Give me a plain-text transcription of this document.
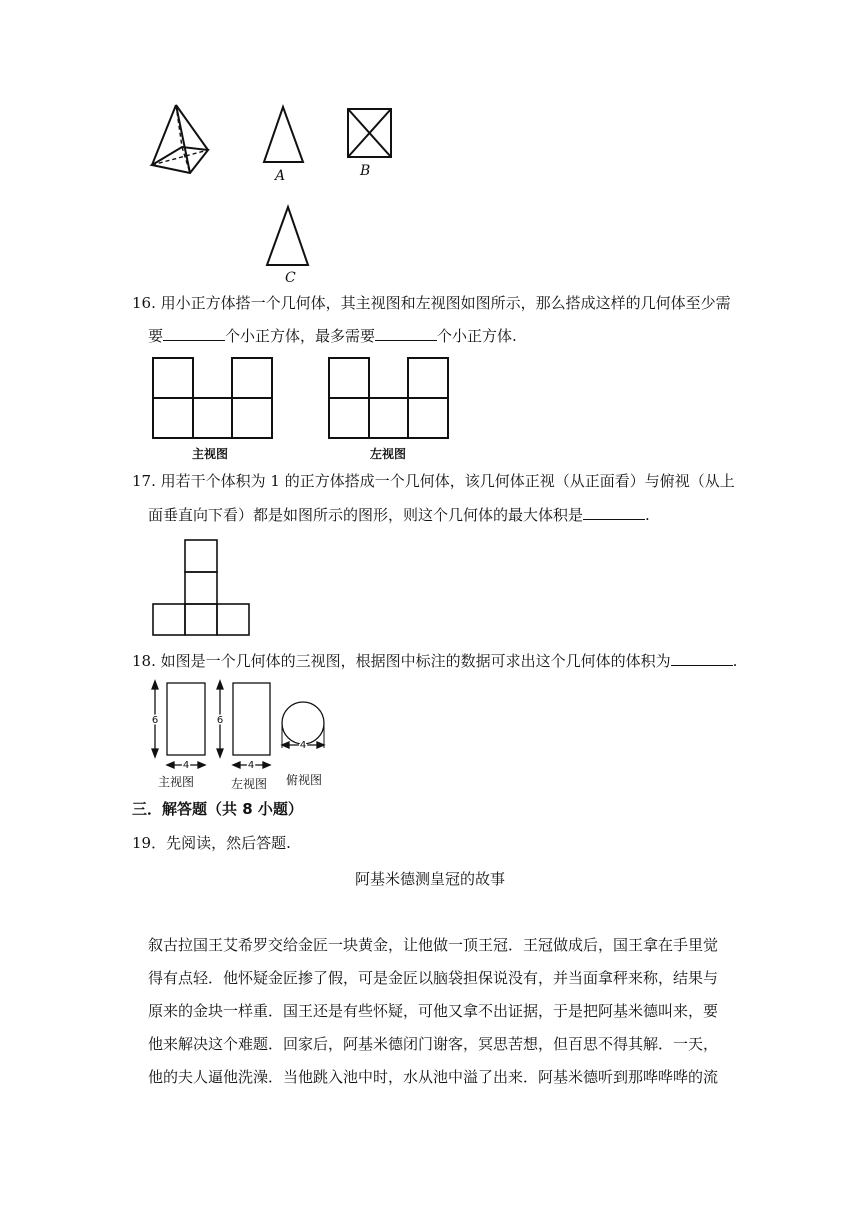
A	B
C
16. 用小正方体搭一个几何体，其主视图和左视图如图所示，那么搭成这样的几何体至少需
要	个小正方体，最多需要	个小正方体.
主视图	左视图
17. 用若干个体积为 1 的正方体搭成一个几何体，该几何体正视（从正面看）与俯视（从上
面垂直向下看）都是如图所示的图形，则这个几何体的最大体积是	.
18. 如图是一个几何体的三视图，根据图中标注的数据可求出这个几何体的体积为	.
6
4
6
4
4
主视图	左视图 俯视图
三．解答题（共 8 小题）
19．先阅读，然后答题.
阿基米德测皇冠的故事
叙古拉国王艾希罗交给金匠一块黄金，让他做一顶王冠．王冠做成后，国王拿在手里觉
得有点轻．他怀疑金匠掺了假，可是金匠以脑袋担保说没有，并当面拿秤来称，结果与
原来的金块一样重．国王还是有些怀疑，可他又拿不出证据，于是把阿基米德叫来，要
他来解决这个难题．回家后，阿基米德闭门谢客，冥思苦想，但百思不得其解．一天，
他的夫人逼他洗澡．当他跳入池中时，水从池中溢了出来．阿基米德听到那哗哗哗的流
